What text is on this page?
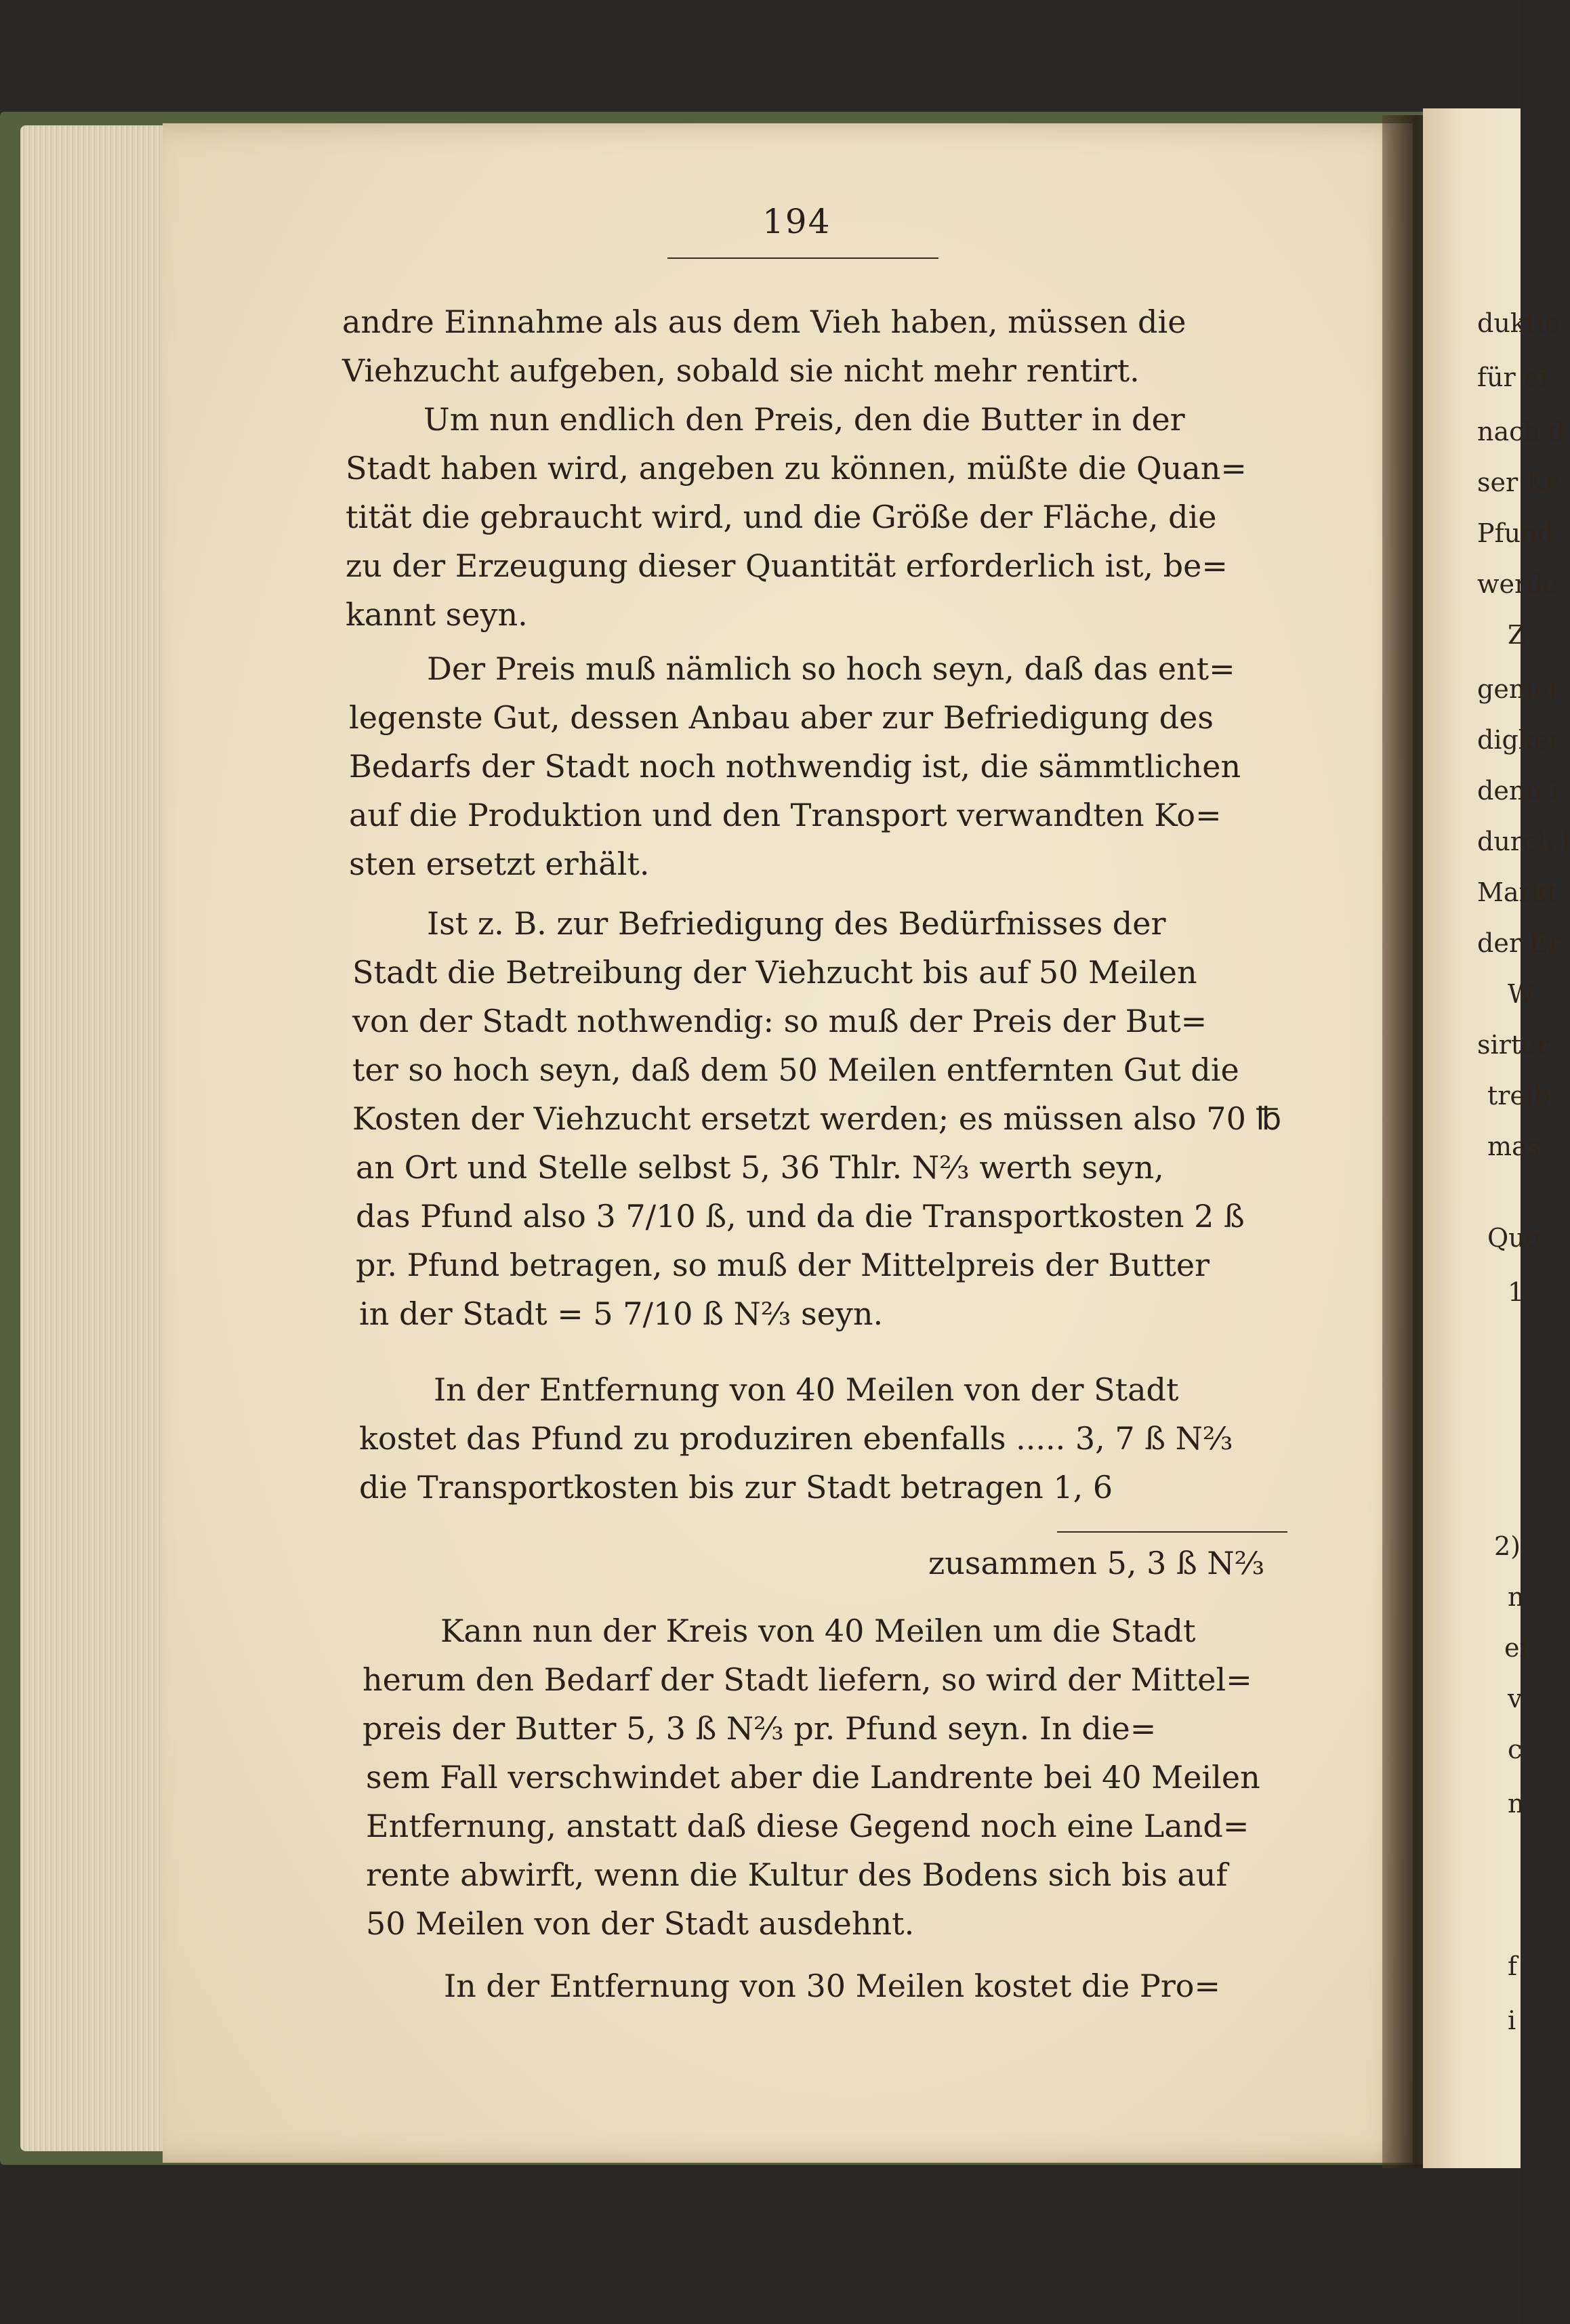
194
andre Einnahme als aus dem Vieh haben, müssen die
Viehzucht aufgeben, sobald sie nicht mehr rentirt.
Um nun endlich den Preis, den die Butter in der
Stadt haben wird, angeben zu können, müßte die Quan=
tität die gebraucht wird, und die Größe der Fläche, die
zu der Erzeugung dieser Quantität erforderlich ist, be=
kannt seyn.
Der Preis muß nämlich so hoch seyn, daß das ent=
legenste Gut, dessen Anbau aber zur Befriedigung des
Bedarfs der Stadt noch nothwendig ist, die sämmtlichen
auf die Produktion und den Transport verwandten Ko=
sten ersetzt erhält.
Ist z. B. zur Befriedigung des Bedürfnisses der
Stadt die Betreibung der Viehzucht bis auf 50 Meilen
von der Stadt nothwendig: so muß der Preis der But=
ter so hoch seyn, daß dem 50 Meilen entfernten Gut die
Kosten der Viehzucht ersetzt werden; es müssen also 70 ℔
an Ort und Stelle selbst 5, 36 Thlr. N⅔ werth seyn,
das Pfund also 3 7/10 ß, und da die Transportkosten 2 ß
pr. Pfund betragen, so muß der Mittelpreis der Butter
in der Stadt = 5 7/10 ß N⅔ seyn.
In der Entfernung von 40 Meilen von der Stadt
kostet das Pfund zu produziren ebenfalls ..... 3, 7 ß N⅔
die Transportkosten bis zur Stadt betragen 1, 6
zusammen 5, 3 ß N⅔
Kann nun der Kreis von 40 Meilen um die Stadt
herum den Bedarf der Stadt liefern, so wird der Mittel=
preis der Butter 5, 3 ß N⅔ pr. Pfund seyn. In die=
sem Fall verschwindet aber die Landrente bei 40 Meilen
Entfernung, anstatt daß diese Gegend noch eine Land=
rente abwirft, wenn die Kultur des Bodens sich bis auf
50 Meilen von der Stadt ausdehnt.
In der Entfernung von 30 Meilen kostet die Pro=
duktio
für ei
nach d
ser Kr
Pfund
werde
Z
gemei
digkei
denn i
durch i
Markt
der Er
W
sirter
treib
mas
Que
1
2)
n
ei
v
c
n
f
i
